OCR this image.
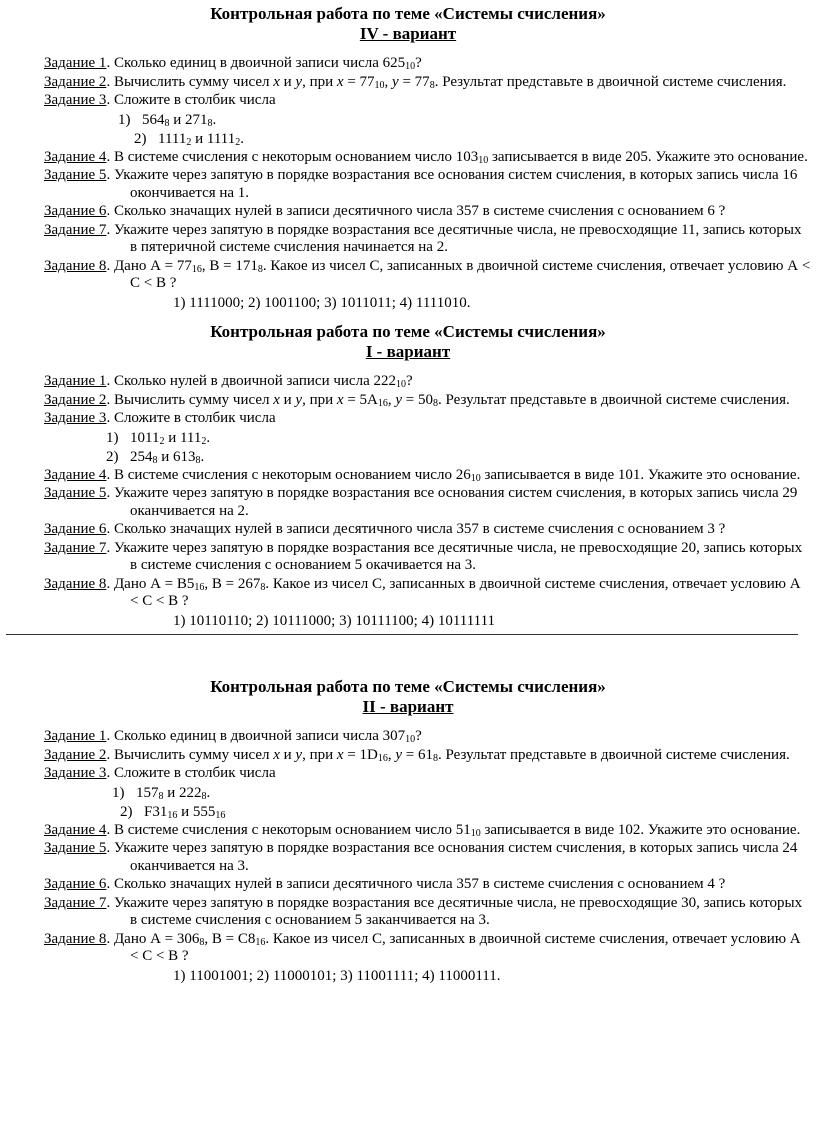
Контрольная работа по теме «Системы счисления»

IV - вариант

Задание 1. Сколько единиц в двоичной записи числа $625_{10}$?
Задание 2. Вычислить сумму чисел x и y, при $x = 77_{10}$, $y = 77_8$. Результат представьте в двоичной системе счисления.
Задание 3. Сложите в столбик числа
1) $564_8$ и $271_8$.
2) $1111_2$ и $1111_2$.
Задание 4. В системе счисления с некоторым основанием число $103_{10}$ записывается в виде 205. Укажите это основание.
Задание 5. Укажите через запятую в порядке возрастания все основания систем счисления, в которых запись числа 16 окончивается на 1.
Задание 6. Сколько значащих нулей в записи десятичного числа 357 в системе счисления с основанием 6 ?
Задание 7. Укажите через запятую в порядке возрастания все десятичные числа, не превосходящие 11, запись которых в пятеричной системе счисления начинается на 2.
Задание 8. Дано $А = 77_{16}$, $В = 171_8$. Какое из чисел С, записанных в двоичной системе счисления, отвечает условию А < С < В ?
1) 1111000; 2) 1001100; 3) 1011011; 4) 1111010.

Контрольная работа по теме «Системы счисления»

I - вариант

Задание 1. Сколько нулей в двоичной записи числа $222_{10}$?
Задание 2. Вычислить сумму чисел x и y, при $x = 5A_{16}$, $y = 50_8$. Результат представьте в двоичной системе счисления.
Задание 3. Сложите в столбик числа
1) $1011_2$ и $111_2$.
2) $254_8$ и $613_8$.
Задание 4. В системе счисления с некоторым основанием число $26_{10}$ записывается в виде 101. Укажите это основание.
Задание 5. Укажите через запятую в порядке возрастания все основания систем счисления, в которых запись числа 29 оканчивается на 2.
Задание 6. Сколько значащих нулей в записи десятичного числа 357 в системе счисления с основанием 3 ?
Задание 7. Укажите через запятую в порядке возрастания все десятичные числа, не превосходящие 20, запись которых в системе счисления с основанием 5 окачивается на 3.
Задание 8. Дано $А = B5_{16}$, $В = 267_8$. Какое из чисел С, записанных в двоичной системе счисления, отвечает условию А < С < В ?
1) 10110110; 2) 10111000; 3) 10111100; 4) 10111111

Контрольная работа по теме «Системы счисления»

II - вариант

Задание 1. Сколько единиц в двоичной записи числа $307_{10}$?
Задание 2. Вычислить сумму чисел x и y, при $x = 1D_{16}$, $y = 61_8$. Результат представьте в двоичной системе счисления.
Задание 3. Сложите в столбик числа
1) $157_8$ и $222_8$.
2) $F31_{16}$ и $555_{16}$
Задание 4. В системе счисления с некоторым основанием число $51_{10}$ записывается в виде 102. Укажите это основание.
Задание 5. Укажите через запятую в порядке возрастания все основания систем счисления, в которых запись числа 24 оканчивается на 3.
Задание 6. Сколько значащих нулей в записи десятичного числа 357 в системе счисления с основанием 4 ?
Задание 7. Укажите через запятую в порядке возрастания все десятичные числа, не превосходящие 30, запись которых в системе счисления с основанием 5 заканчивается на 3.
Задание 8. Дано $А = 306_8$, $В = C8_{16}$. Какое из чисел С, записанных в двоичной системе счисления, отвечает условию А < С < В ?
1) 11001001; 2) 11000101; 3) 11001111; 4) 11000111.
